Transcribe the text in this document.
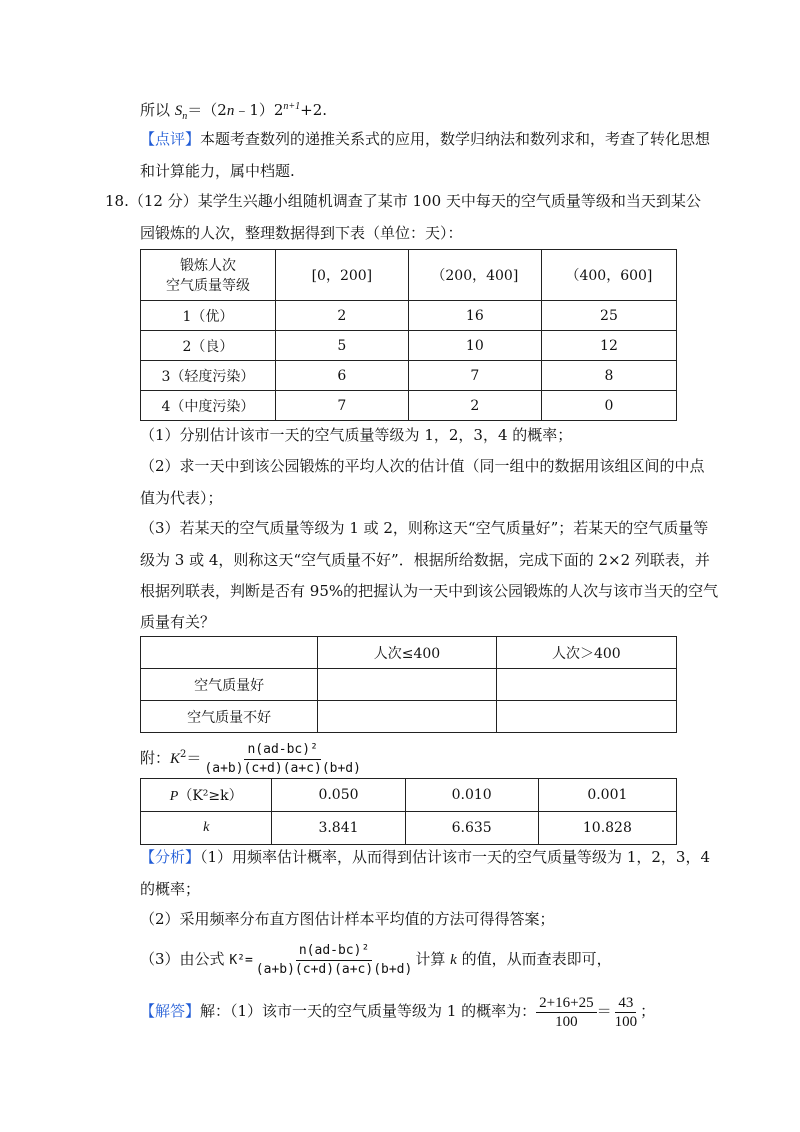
所以 $S_n=(2n﹣1)2^{n+1}+2$.
【点评】本题考查数列的递推关系式的应用，数学归纳法和数列求和，考查了转化思想
和计算能力，属中档题.
18.（12 分）某学生兴趣小组随机调查了某市 100 天中每天的空气质量等级和当天到某公
园锻炼的人次，整理数据得到下表（单位：天）：
锻炼人次
空气质量等级	[0，200]	（200，400]	（400，600]
1（优）	2	16	25
2（良）	5	10	12
3（轻度污染）	6	7	8
4（中度污染）	7	2	0
（1）分别估计该市一天的空气质量等级为 1，2，3，4 的概率；
（2）求一天中到该公园锻炼的平均人次的估计值（同一组中的数据用该组区间的中点
值为代表）；
（3）若某天的空气质量等级为 1 或 2，则称这天“空气质量好”；若某天的空气质量等
级为 3 或 4，则称这天“空气质量不好”．根据所给数据，完成下面的 2×2 列联表，并
根据列联表，判断是否有 95%的把握认为一天中到该公园锻炼的人次与该市当天的空气
质量有关？
	人次≤400	人次＞400
空气质量好		
空气质量不好		
附：$K^2= \frac{\text{n(ad-bc)²}}{(a+b)(c+d)(a+c)(b+d)}$
P（K²≥k）	0.050	0.010	0.001
k	3.841	6.635	10.828
【分析】（1）用频率估计概率，从而得到估计该市一天的空气质量等级为 1，2，3，4
的概率；
（2）采用频率分布直方图估计样本平均值的方法可得得答案；
（3）由公式 $K^2= \frac{\text{n(ad-bc)²}}{(a+b)(c+d)(a+c)(b+d)}$ 计算 k 的值，从而查表即可，
【解答】解：（1）该市一天的空气质量等级为 1 的概率为： $\frac{2+16+25}{100} = \frac{43}{100}$ ；
